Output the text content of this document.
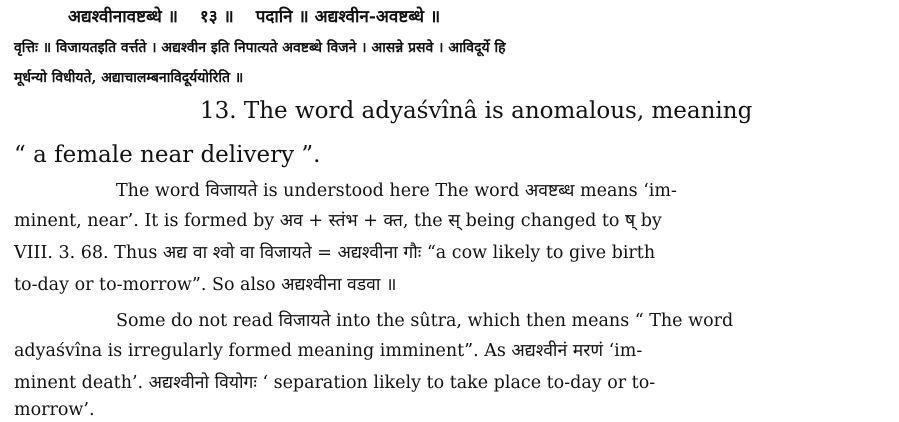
अद्यश्वीनावष्टब्धे ॥ १३ ॥ पदानि ॥ अद्यश्वीन-अवष्टब्धे ॥
वृत्तिः ॥ विजायतइति वर्त्तते । अद्यश्वीन इति निपात्यते अवष्टब्धे विजने । आसन्ने प्रसवे । आविदूर्ये हि
मूर्धन्यो विधीयते, अद्याचालम्बनाविदूर्ययोरिति ॥
13. The word adyaśvînâ is anomalous, meaning
“ a female near delivery ”.
The word विजायते is understood here The word अवष्टब्ध means ‘im-
minent, near’. It is formed by अव + स्तंभ + क्त, the स् being changed to ष् by
VIII. 3. 68. Thus अद्य वा श्वो वा विजायते = अद्यश्वीना गौः “a cow likely to give birth
to-day or to-morrow”. So also अद्यश्वीना वडवा ॥
Some do not read विजायते into the sûtra, which then means “ The word
adyaśvîna is irregularly formed meaning imminent”. As अद्यश्वीनं मरणं ‘im-
minent death’. अद्यश्वीनो वियोगः ‘ separation likely to take place to-day or to-
morrow’.
